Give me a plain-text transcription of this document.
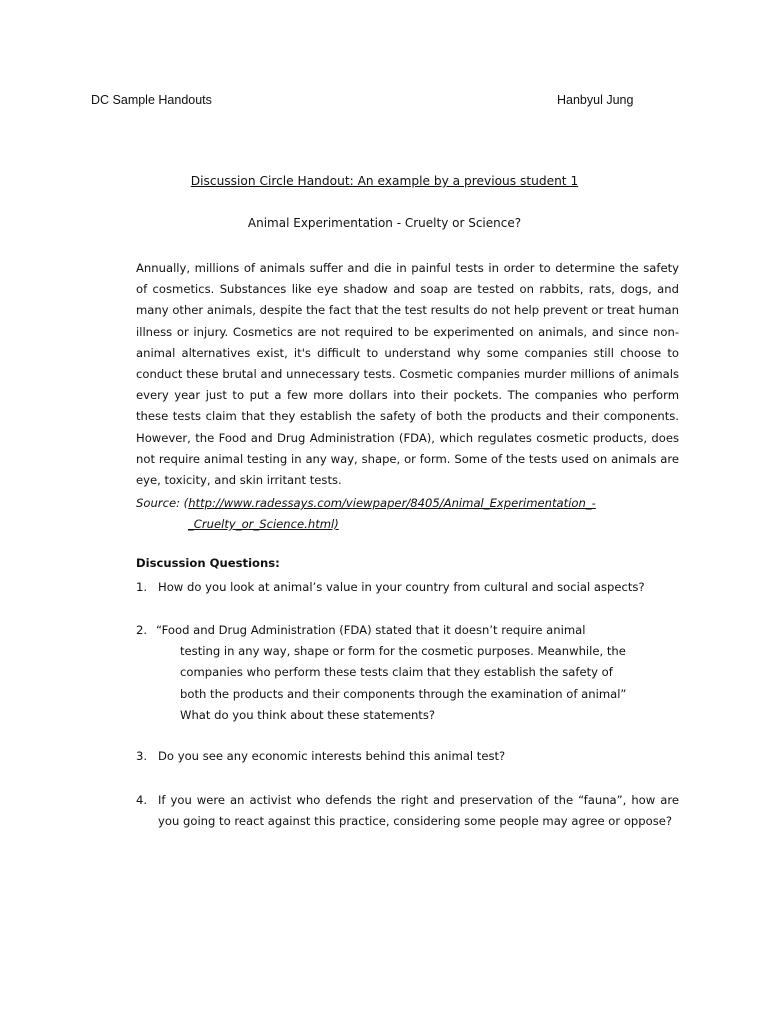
DC Sample Handouts	Hanbyul Jung
Discussion Circle Handout: An example by a previous student 1
Animal Experimentation - Cruelty or Science?
Annually, millions of animals suffer and die in painful tests in order to determine the safety of cosmetics. Substances like eye shadow and soap are tested on rabbits, rats, dogs, and many other animals, despite the fact that the test results do not help prevent or treat human illness or injury. Cosmetics are not required to be experimented on animals, and since non-animal alternatives exist, it's difficult to understand why some companies still choose to conduct these brutal and unnecessary tests. Cosmetic companies murder millions of animals every year just to put a few more dollars into their pockets. The companies who perform these tests claim that they establish the safety of both the products and their components. However, the Food and Drug Administration (FDA), which regulates cosmetic products, does not require animal testing in any way, shape, or form. Some of the tests used on animals are eye, toxicity, and skin irritant tests.
Source: (http://www.radessays.com/viewpaper/8405/Animal_Experimentation_-
_Cruelty_or_Science.html)
Discussion Questions:
1. How do you look at animal’s value in your country from cultural and social aspects?
2. “Food and Drug Administration (FDA) stated that it doesn’t require animal
testing in any way, shape or form for the cosmetic purposes. Meanwhile, the
companies who perform these tests claim that they establish the safety of
both the products and their components through the examination of animal”
What do you think about these statements?
3. Do you see any economic interests behind this animal test?
4. If you were an activist who defends the right and preservation of the “fauna”, how are you going to react against this practice, considering some people may agree or oppose?
